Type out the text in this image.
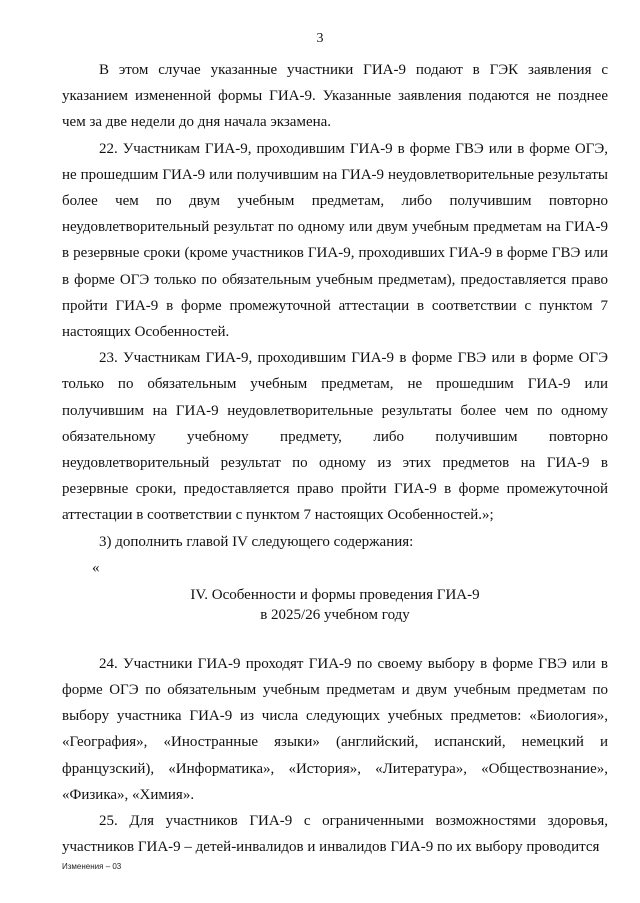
3

В этом случае указанные участники ГИА-9 подают в ГЭК заявления с указанием измененной формы ГИА-9. Указанные заявления подаются не позднее чем за две недели до дня начала экзамена.

22. Участникам ГИА-9, проходившим ГИА-9 в форме ГВЭ или в форме ОГЭ, не прошедшим ГИА-9 или получившим на ГИА-9 неудовлетворительные результаты более чем по двум учебным предметам, либо получившим повторно неудовлетворительный результат по одному или двум учебным предметам на ГИА-9 в резервные сроки (кроме участников ГИА-9, проходивших ГИА-9 в форме ГВЭ или в форме ОГЭ только по обязательным учебным предметам), предоставляется право пройти ГИА-9 в форме промежуточной аттестации в соответствии с пунктом 7 настоящих Особенностей.

23. Участникам ГИА-9, проходившим ГИА-9 в форме ГВЭ или в форме ОГЭ только по обязательным учебным предметам, не прошедшим ГИА-9 или получившим на ГИА-9 неудовлетворительные результаты более чем по одному обязательному учебному предмету, либо получившим повторно неудовлетворительный результат по одному из этих предметов на ГИА-9 в резервные сроки, предоставляется право пройти ГИА-9 в форме промежуточной аттестации в соответствии с пунктом 7 настоящих Особенностей.»;

3) дополнить главой IV следующего содержания:

«

IV. Особенности и формы проведения ГИА-9
в 2025/26 учебном году

24. Участники ГИА-9 проходят ГИА-9 по своему выбору в форме ГВЭ или в форме ОГЭ по обязательным учебным предметам и двум учебным предметам по выбору участника ГИА-9 из числа следующих учебных предметов: «Биология», «География», «Иностранные языки» (английский, испанский, немецкий и французский), «Информатика», «История», «Литература», «Обществознание», «Физика», «Химия».

25. Для участников ГИА-9 с ограниченными возможностями здоровья, участников ГИА-9 – детей-инвалидов и инвалидов ГИА-9 по их выбору проводится

Изменения – 03
